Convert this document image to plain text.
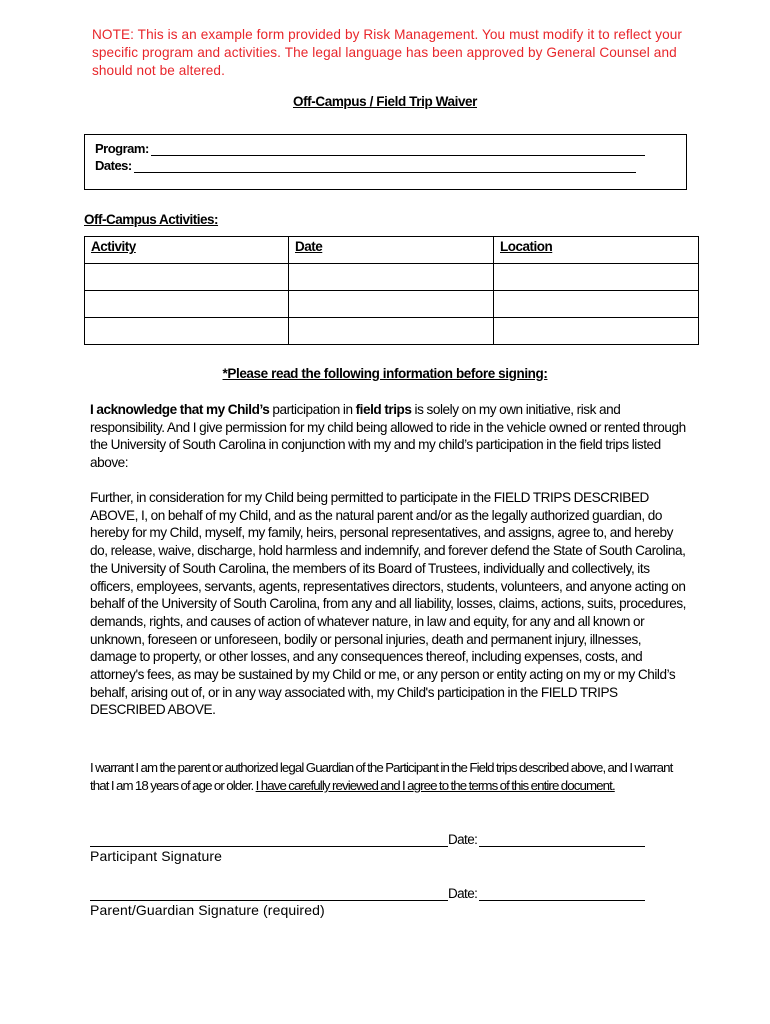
NOTE: This is an example form provided by Risk Management. You must modify it to reflect your
specific program and activities. The legal language has been approved by General Counsel and
should not be altered.
Off-Campus / Field Trip Waiver
Program:
Dates:
Off-Campus Activities:
Activity	Date	Location

*Please read the following information before signing:
I acknowledge that my Child’s participation in field trips is solely on my own initiative, risk and responsibility. And I give permission for my child being allowed to ride in the vehicle owned or rented through the University of South Carolina in conjunction with my and my child’s participation in the field trips listed above:
Further, in consideration for my Child being permitted to participate in the FIELD TRIPS DESCRIBED ABOVE, I, on behalf of my Child, and as the natural parent and/or as the legally authorized guardian, do hereby for my Child, myself, my family, heirs, personal representatives, and assigns, agree to, and hereby do, release, waive, discharge, hold harmless and indemnify, and forever defend the State of South Carolina, the University of South Carolina, the members of its Board of Trustees, individually and collectively, its officers, employees, servants, agents, representatives directors, students, volunteers, and anyone acting on behalf of the University of South Carolina, from any and all liability, losses, claims, actions, suits, procedures, demands, rights, and causes of action of whatever nature, in law and equity, for any and all known or unknown, foreseen or unforeseen, bodily or personal injuries, death and permanent injury, illnesses, damage to property, or other losses, and any consequences thereof, including expenses, costs, and attorney's fees, as may be sustained by my Child or me, or any person or entity acting on my or my Child’s behalf, arising out of, or in any way associated with, my Child's participation in the FIELD TRIPS DESCRIBED ABOVE.
I warrant I am the parent or authorized legal Guardian of the Participant in the Field trips described above, and I warrant that I am 18 years of age or older. I have carefully reviewed and I agree to the terms of this entire document.
Date:
Participant Signature
Date:
Parent/Guardian Signature (required)
